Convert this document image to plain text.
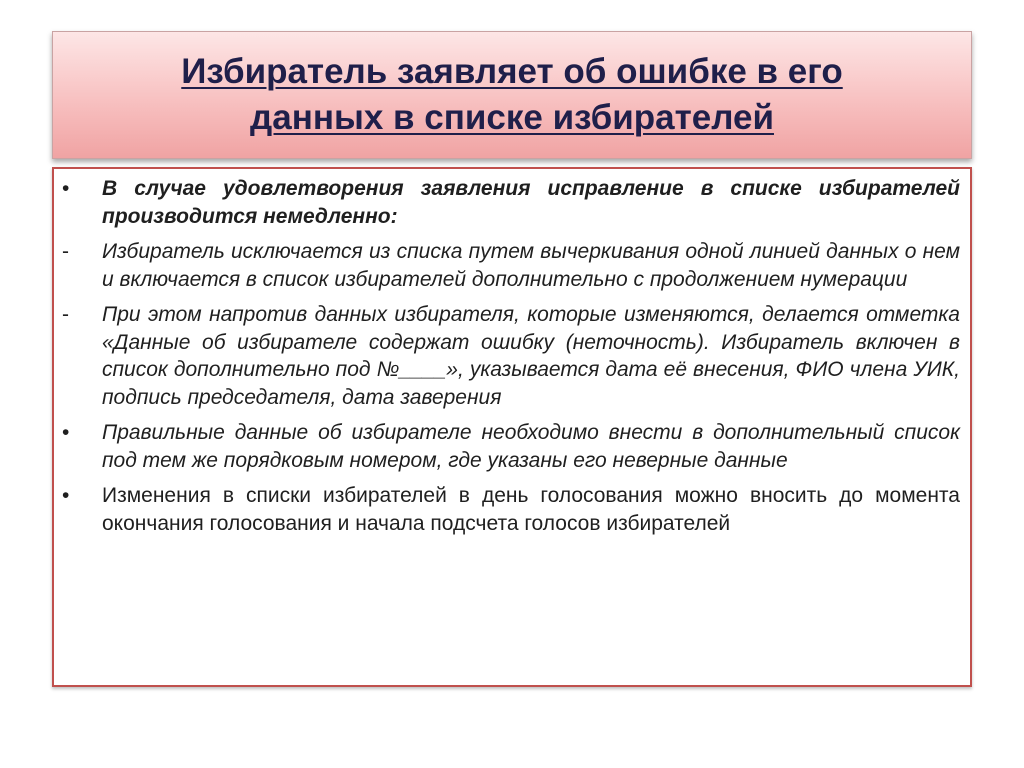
Избиратель заявляет об ошибке в его
данных в списке избирателей
•	В случае удовлетворения заявления исправление в списке избирателей производится немедленно:
-	Избиратель исключается из списка путем вычеркивания одной линией данных о нем и включается в список избирателей дополнительно с продолжением нумерации
-	При этом напротив данных избирателя, которые изменяются, делается отметка «Данные об избирателе содержат ошибку (неточность). Избиратель включен в список дополнительно под №____», указывается дата её внесения, ФИО члена УИК, подпись председателя, дата заверения
•	Правильные данные об избирателе необходимо внести в дополнительный список под тем же порядковым номером, где указаны его неверные данные
•	Изменения в списки избирателей в день голосования можно вносить до момента окончания голосования и начала подсчета голосов избирателей
